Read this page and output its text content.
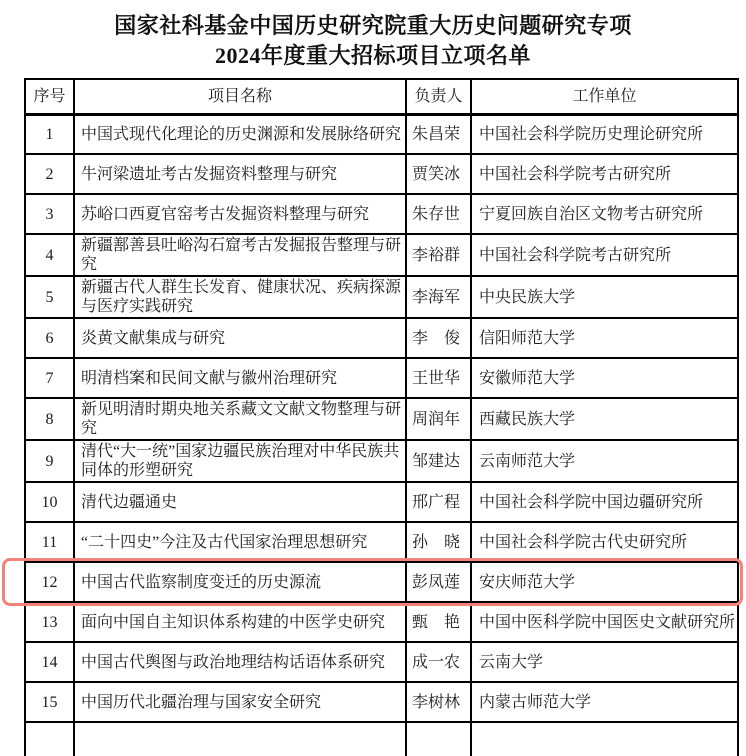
国家社科基金中国历史研究院重大历史问题研究专项
2024年度重大招标项目立项名单
序号	项目名称	负责人	工作单位
1	中国式现代化理论的历史渊源和发展脉络研究	朱昌荣	中国社会科学院历史理论研究所
2	牛河梁遗址考古发掘资料整理与研究	贾笑冰	中国社会科学院考古研究所
3	苏峪口西夏官窑考古发掘资料整理与研究	朱存世	宁夏回族自治区文物考古研究所
4	新疆鄯善县吐峪沟石窟考古发掘报告整理与研究	李裕群	中国社会科学院考古研究所
5	新疆古代人群生长发育、健康状况、疾病探源与医疗实践研究	李海军	中央民族大学
6	炎黄文献集成与研究	李　俊	信阳师范大学
7	明清档案和民间文献与徽州治理研究	王世华	安徽师范大学
8	新见明清时期央地关系藏文文献文物整理与研究	周润年	西藏民族大学
9	清代“大一统”国家边疆民族治理对中华民族共同体的形塑研究	邹建达	云南师范大学
10	清代边疆通史	邢广程	中国社会科学院中国边疆研究所
11	“二十四史”今注及古代国家治理思想研究	孙　晓	中国社会科学院古代史研究所
12	中国古代监察制度变迁的历史源流	彭凤莲	安庆师范大学
13	面向中国自主知识体系构建的中医学史研究	甄　艳	中国中医科学院中国医史文献研究所
14	中国古代舆图与政治地理结构话语体系研究	成一农	云南大学
15	中国历代北疆治理与国家安全研究	李树林	内蒙古师范大学
